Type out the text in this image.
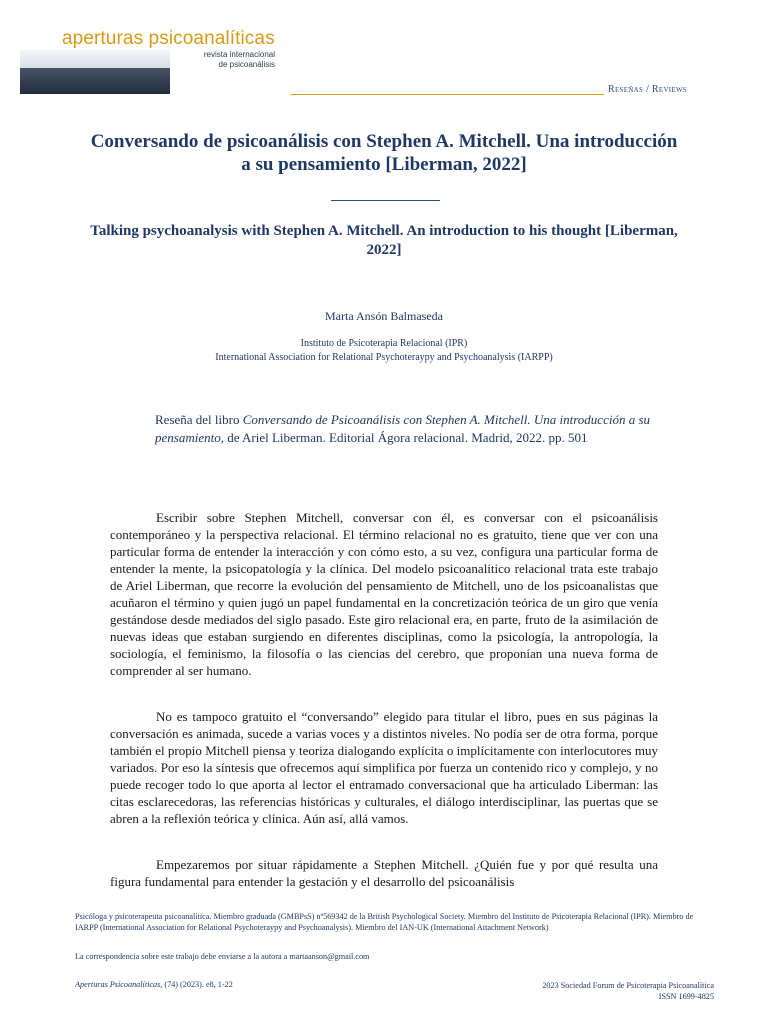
aperturas psicoanalíticas
revista internacional
de psicoanálisis
Reseñas / Reviews
Conversando de psicoanálisis con Stephen A. Mitchell. Una introducción a su pensamiento [Liberman, 2022]
Talking psychoanalysis with Stephen A. Mitchell. An introduction to his thought [Liberman, 2022]
Marta Ansón Balmaseda
Instituto de Psicoterapia Relacional (IPR)
International Association for Relational Psychoteraypy and Psychoanalysis (IARPP)
Reseña del libro Conversando de Psicoanálisis con Stephen A. Mitchell. Una introducción a su pensamiento, de Ariel Liberman. Editorial Ágora relacional. Madrid, 2022. pp. 501

Escribir sobre Stephen Mitchell, conversar con él, es conversar con el psicoanálisis contemporáneo y la perspectiva relacional. El término relacional no es gratuito, tiene que ver con una particular forma de entender la interacción y con cómo esto, a su vez, configura una particular forma de entender la mente, la psicopatología y la clínica. Del modelo psicoanalítico relacional trata este trabajo de Ariel Liberman, que recorre la evolución del pensamiento de Mitchell, uno de los psicoanalistas que acuñaron el término y quien jugó un papel fundamental en la concretización teórica de un giro que venía gestándose desde mediados del siglo pasado. Este giro relacional era, en parte, fruto de la asimilación de nuevas ideas que estaban surgiendo en diferentes disciplinas, como la psicología, la antropología, la sociología, el feminismo, la filosofía o las ciencias del cerebro, que proponían una nueva forma de comprender al ser humano.

No es tampoco gratuito el “conversando” elegido para titular el libro, pues en sus páginas la conversación es animada, sucede a varias voces y a distintos niveles. No podía ser de otra forma, porque también el propio Mitchell piensa y teoriza dialogando explícita o implícitamente con interlocutores muy variados. Por eso la síntesis que ofrecemos aquí simplifica por fuerza un contenido rico y complejo, y no puede recoger todo lo que aporta al lector el entramado conversacional que ha articulado Liberman: las citas esclarecedoras, las referencias históricas y culturales, el diálogo interdisciplinar, las puertas que se abren a la reflexión teórica y clínica. Aún así, allá vamos.

Empezaremos por situar rápidamente a Stephen Mitchell. ¿Quién fue y por qué resulta una figura fundamental para entender la gestación y el desarrollo del psicoanálisis

Psicóloga y psicoterapeuta psicoanalítica. Miembro graduada (GMBPsS) nº569342 de la British Psychological Society. Miembro del Instituto de Psicoterapia Relacional (IPR). Miembro de IARPP (International Association for Relational Psychoteraypy and Psychoanalysis). Miembro del IAN-UK (International Attachment Network)
La correspondencia sobre este trabajo debe enviarse a la autora a martaanson@gmail.com
Aperturas Psicoanalíticas, (74) (2023). e8, 1-22	2023 Sociedad Forum de Psicoterapia Psicoanalítica
ISSN 1699-4825
